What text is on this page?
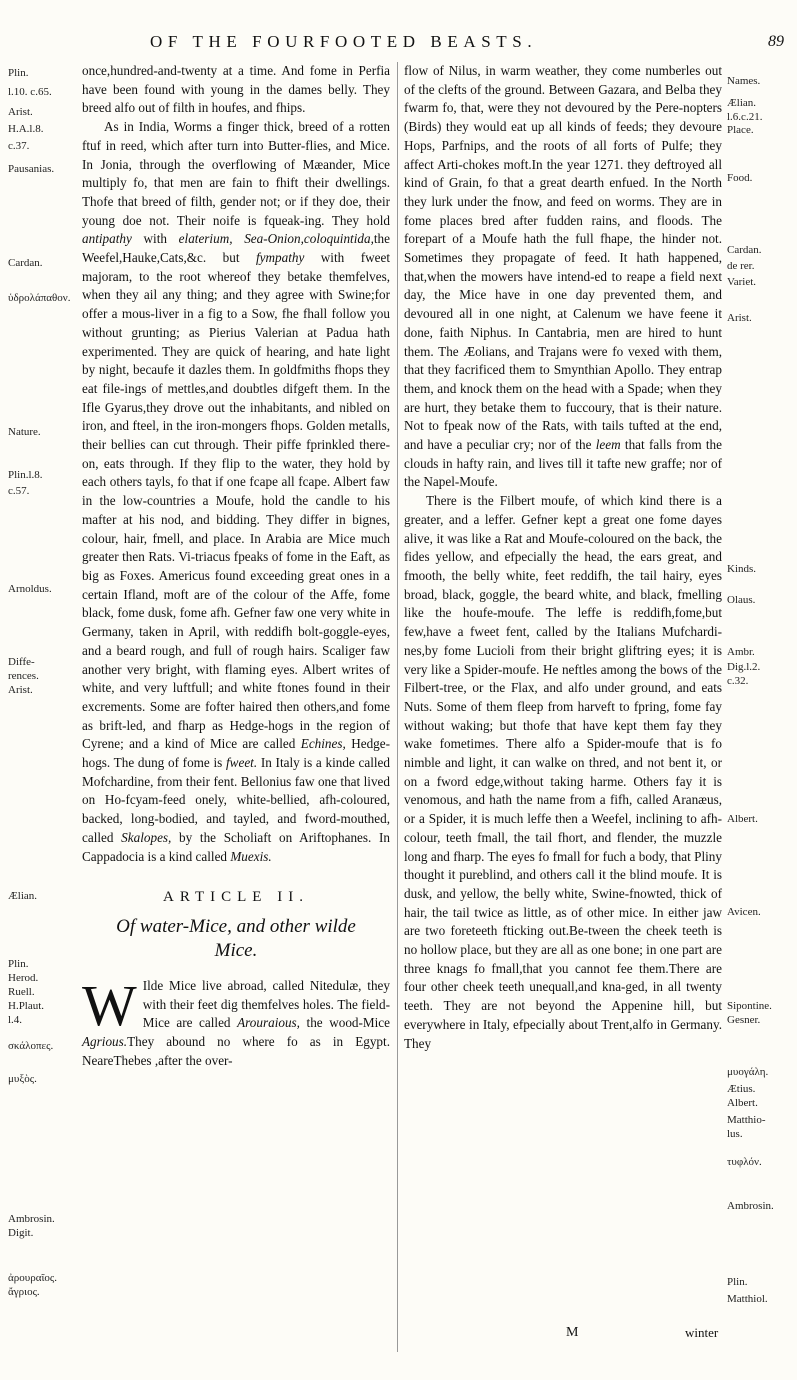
OF THE FOURFOOTED BEASTS.	89
Plin.
l.10. c.65.
Arist.
H.A.l.8.
c.37.
Pausanias.
Cardan.
ὑδρολάπαθον.
Nature.
Plin.l.8.
c.57.
Arnoldus.
Diffe-
rences.
Arist.
Ælian.
Plin.
Herod.
Ruell.
H.Plaut.
l.4.
σκάλοπες.
μυξὸς.
Ambrosin.
Digit.
ἀρουραῖος.
ἄγριος.
Names.
Ælian.
l.6.c.21.
Place.
Food.
Cardan.
de rer.
Variet.
Arist.
Kinds.
Olaus.
Ambr.
Dig.l.2.
c.32.
Albert.
Avicen.
Sipontine.
Gesner.
μυογάλη.
Ætius.
Albert.
Matthio-
lus.
τυφλόν.
Ambrosin.
Plin.
Matthiol.

once,hundred-and-twenty at a time. And fome in Perfia have been found with young in the dames belly. They breed alfo out of filth in houfes, and fhips.

As in India, Worms a finger thick, breed of a rotten ftuf in reed, which after turn into Butter-flies, and Mice. In Jonia, through the overflowing of Mæander, Mice multiply fo, that men are fain to fhift their dwellings. Thofe that breed of filth, gender not; or if they doe, their young doe not. Their noife is fqueak-ing. They hold antipathy with elaterium, Sea-Onion,coloquintida,the Weefel,Hauke,Cats,&c. but fympathy with fweet majoram, to the root whereof they betake themfelves, when they ail any thing; and they agree with Swine;for offer a mous-liver in a fig to a Sow, fhe fhall follow you without grunting; as Pierius Valerian at Padua hath experimented. They are quick of hearing, and hate light by night, becaufe it dazles them. In goldfmiths fhops they eat file-ings of mettles,and doubtles difgeft them. In the Ifle Gyarus,they drove out the inhabitants, and nibled on iron, and fteel, in the iron-mongers fhops. Golden metalls, their bellies can cut through. Their piffe fprinkled there-on, eats through. If they flip to the water, they hold by each others tayls, fo that if one fcape all fcape. Albert faw in the low-countries a Moufe, hold the candle to his mafter at his nod, and bidding. They differ in bignes, colour, hair, fmell, and place. In Arabia are Mice much greater then Rats. Vi-triacus fpeaks of fome in the Eaft, as big as Foxes. Americus found exceeding great ones in a certain Ifland, moft are of the colour of the Affe, fome black, fome dusk, fome afh. Gefner faw one very white in Germany, taken in April, with reddifh bolt-goggle-eyes, and a beard rough, and full of rough hairs. Scaliger faw another very bright, with flaming eyes. Albert writes of white, and very luftfull; and white ftones found in their excrements. Some are fofter haired then others,and fome as brift-led, and fharp as Hedge-hogs in the region of Cyrene; and a kind of Mice are called Echines, Hedge-hogs. The dung of fome is fweet. In Italy is a kinde called Mofchardine, from their fent. Bellonius faw one that lived on Ho-fcyam-feed onely, white-bellied, afh-coloured, backed, long-bodied, and tayled, and fword-mouthed, called Skalopes, by the Scholiaft on Ariftophanes. In Cappadocia is a kind called Muexis.

ARTICLE II.
Of water-Mice, and other wilde
Mice.

W Ilde Mice live abroad, called Nitedulæ, they with their feet dig themfelves holes. The field-Mice are called Arouraious, the wood-Mice Agrious.They abound no where fo as in Egypt. NeareThebes ,after the over-

flow of Nilus, in warm weather, they come numberles out of the clefts of the ground. Between Gazara, and Belba they fwarm fo, that, were they not devoured by the Pere-nopters (Birds) they would eat up all kinds of feeds; they devoure Hops, Parfnips, and the roots of all forts of Pulfe; they affect Arti-chokes moft.In the year 1271. they deftroyed all kind of Grain, fo that a great dearth enfued. In the North they lurk under the fnow, and feed on worms. They are in fome places bred after fudden rains, and floods. The forepart of a Moufe hath the full fhape, the hinder not. Sometimes they propagate of feed. It hath happened, that,when the mowers have intend-ed to reape a field next day, the Mice have in one day prevented them, and devoured all in one night, at Calenum we have feene it done, faith Niphus. In Cantabria, men are hired to hunt them. The Æolians, and Trajans were fo vexed with them, that they facrificed them to Smynthian Apollo. They entrap them, and knock them on the head with a Spade; when they are hurt, they betake them to fuccoury, that is their nature. Not to fpeak now of the Rats, with tails tufted at the end, and have a peculiar cry; nor of the leem that falls from the clouds in hafty rain, and lives till it tafte new graffe; nor of the Napel-Moufe.

There is the Filbert moufe, of which kind there is a greater, and a leffer. Gefner kept a great one fome dayes alive, it was like a Rat and Moufe-coloured on the back, the fides yellow, and efpecially the head, the ears great, and fmooth, the belly white, feet reddifh, the tail hairy, eyes broad, black, goggle, the beard white, and black, fmelling like the houfe-moufe. The leffe is reddifh,fome,but few,have a fweet fent, called by the Italians Mufchardi-nes,by fome Lucioli from their bright gliftring eyes; it is very like a Spider-moufe. He neftles among the bows of the Filbert-tree, or the Flax, and alfo under ground, and eats Nuts. Some of them fleep from harveft to fpring, fome fay without waking; but thofe that have kept them fay they wake fometimes. There alfo a Spider-moufe that is fo nimble and light, it can walke on thred, and not bent it, or on a fword edge,without taking harme. Others fay it is venomous, and hath the name from a fifh, called Aranæus, or a Spider, it is much leffe then a Weefel, inclining to afh-colour, teeth fmall, the tail fhort, and flender, the muzzle long and fharp. The eyes fo fmall for fuch a body, that Pliny thought it pureblind, and others call it the blind moufe. It is dusk, and yellow, the belly white, Swine-fnowted, thick of hair, the tail twice as little, as of other mice. In either jaw are two foreteeth fticking out.Be-tween the cheek teeth is no hollow place, but they are all as one bone; in one part are three knags fo fmall,that you cannot fee them.There are four other cheek teeth unequall,and kna-ged, in all twenty teeth. They are not beyond the Appenine hill, but everywhere in Italy, efpecially about Trent,alfo in Germany. They

M	winter
